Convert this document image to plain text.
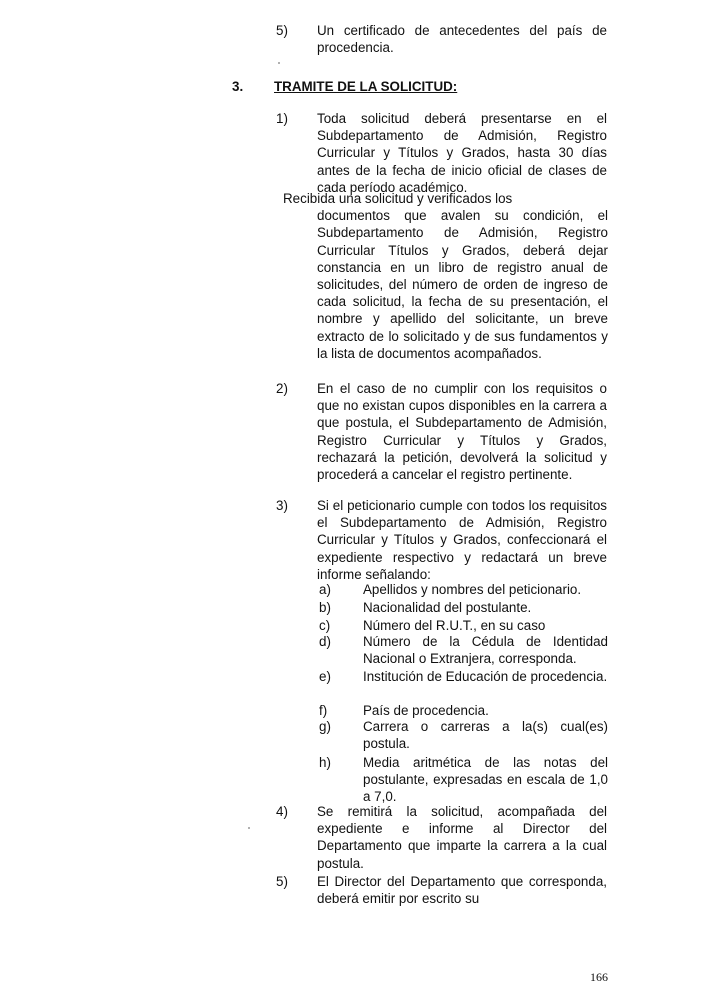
5) Un certificado de antecedentes del país de procedencia.
3. TRAMITE DE LA SOLICITUD:
1) Toda solicitud deberá presentarse en el Subdepartamento de Admisión, Registro Curricular y Títulos y Grados, hasta 30 días antes de la fecha de inicio oficial de clases de cada período académico.
Recibida una solicitud y verificados los
documentos que avalen su condición, el Subdepartamento de Admisión, Registro Curricular Títulos y Grados, deberá dejar constancia en un libro de registro anual de solicitudes, del número de orden de ingreso de cada solicitud, la fecha de su presentación, el nombre y apellido del solicitante, un breve extracto de lo solicitado y de sus fundamentos y la lista de documentos acompañados.
2) En el caso de no cumplir con los requisitos o que no existan cupos disponibles en la carrera a que postula, el Subdepartamento de Admisión, Registro Curricular y Títulos y Grados, rechazará la petición, devolverá la solicitud y procederá a cancelar el registro pertinente.
3) Si el peticionario cumple con todos los requisitos el Subdepartamento de Admisión, Registro Curricular y Títulos y Grados, confeccionará el expediente respectivo y redactará un breve informe señalando:
a) Apellidos y nombres del peticionario.
b) Nacionalidad del postulante.
c) Número del R.U.T., en su caso
d) Número de la Cédula de Identidad Nacional o Extranjera, corresponda.
e) Institución de Educación de procedencia.
f)	País de procedencia.
g) Carrera o carreras a la(s) cual(es) postula.
h) Media aritmética de las notas del postulante, expresadas en escala de 1,0 a 7,0.
4) Se remitirá la solicitud, acompañada del expediente e informe al Director del Departamento que imparte la carrera a la cual postula.
5) El Director del Departamento que corresponda, deberá emitir por escrito su
166
